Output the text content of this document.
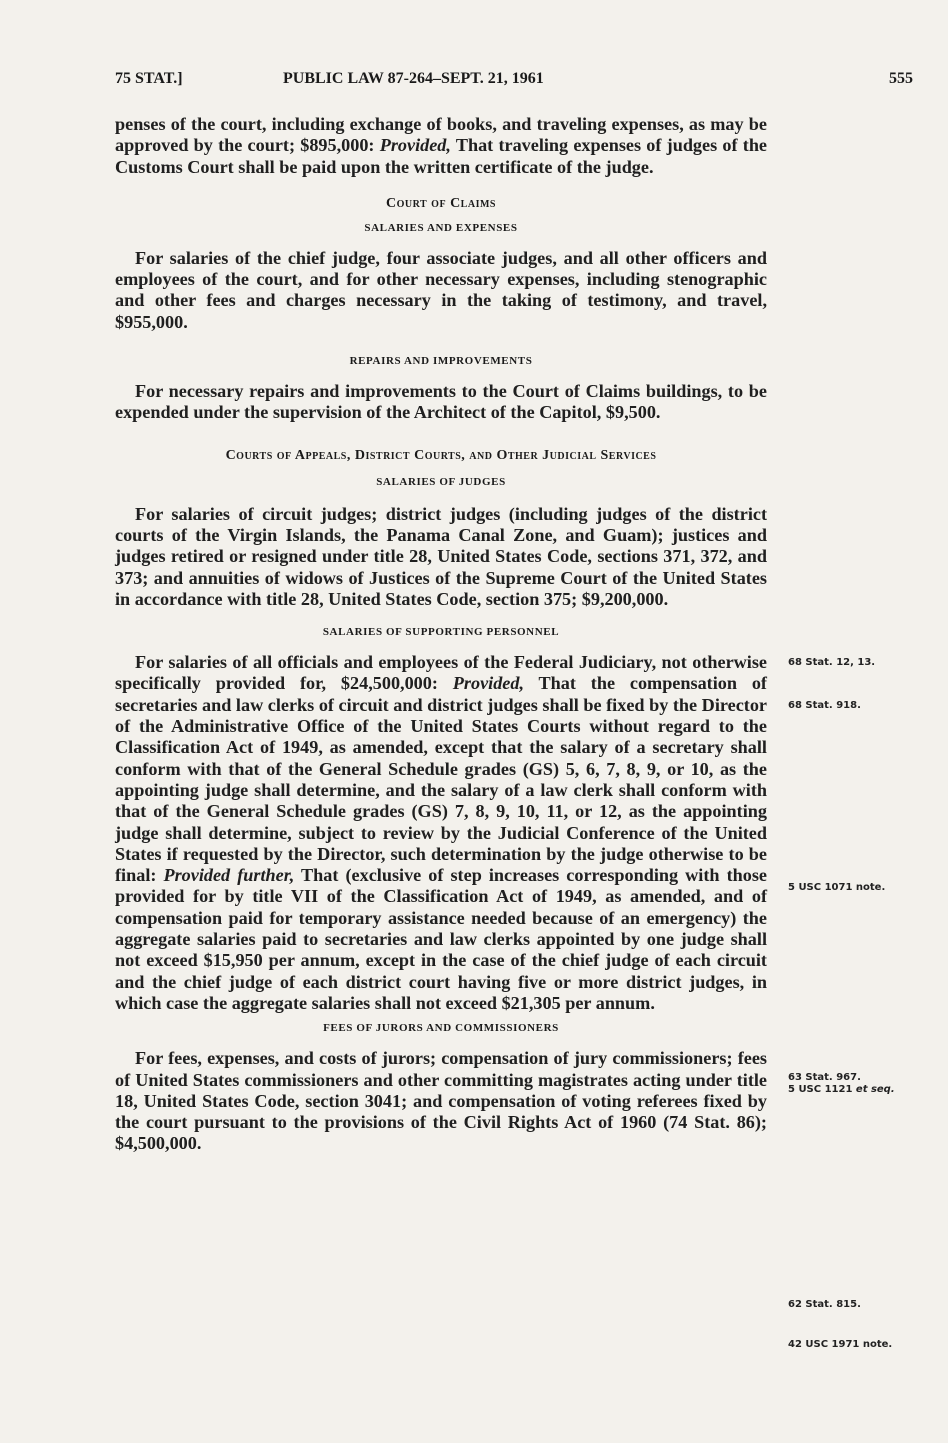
75 STAT.]	PUBLIC LAW 87-264–SEPT. 21, 1961	555

penses of the court, including exchange of books, and traveling expenses, as may be approved by the court; $895,000: Provided, That traveling expenses of judges of the Customs Court shall be paid upon the written certificate of the judge.

Court of Claims
SALARIES AND EXPENSES

For salaries of the chief judge, four associate judges, and all other officers and employees of the court, and for other necessary expenses, including stenographic and other fees and charges necessary in the taking of testimony, and travel, $955,000.

REPAIRS AND IMPROVEMENTS

For necessary repairs and improvements to the Court of Claims buildings, to be expended under the supervision of the Architect of the Capitol, $9,500.

Courts of Appeals, District Courts, and Other Judicial Services
SALARIES OF JUDGES

For salaries of circuit judges; district judges (including judges of the district courts of the Virgin Islands, the Panama Canal Zone, and Guam); justices and judges retired or resigned under title 28, United States Code, sections 371, 372, and 373; and annuities of widows of Justices of the Supreme Court of the United States in accordance with title 28, United States Code, section 375; $9,200,000.

SALARIES OF SUPPORTING PERSONNEL

For salaries of all officials and employees of the Federal Judiciary, not otherwise specifically provided for, $24,500,000: Provided, That the compensation of secretaries and law clerks of circuit and district judges shall be fixed by the Director of the Administrative Office of the United States Courts without regard to the Classification Act of 1949, as amended, except that the salary of a secretary shall conform with that of the General Schedule grades (GS) 5, 6, 7, 8, 9, or 10, as the appointing judge shall determine, and the salary of a law clerk shall conform with that of the General Schedule grades (GS) 7, 8, 9, 10, 11, or 12, as the appointing judge shall determine, subject to review by the Judicial Conference of the United States if requested by the Director, such determination by the judge otherwise to be final: Provided further, That (exclusive of step increases corresponding with those provided for by title VII of the Classification Act of 1949, as amended, and of compensation paid for temporary assistance needed because of an emergency) the aggregate salaries paid to secretaries and law clerks appointed by one judge shall not exceed $15,950 per annum, except in the case of the chief judge of each circuit and the chief judge of each district court having five or more district judges, in which case the aggregate salaries shall not exceed $21,305 per annum.

FEES OF JURORS AND COMMISSIONERS

For fees, expenses, and costs of jurors; compensation of jury commissioners; fees of United States commissioners and other committing magistrates acting under title 18, United States Code, section 3041; and compensation of voting referees fixed by the court pursuant to the provisions of the Civil Rights Act of 1960 (74 Stat. 86); $4,500,000.

68 Stat. 12, 13.
68 Stat. 918.
5 USC 1071 note.
63 Stat. 967.
5 USC 1121 et seq.
62 Stat. 815.
42 USC 1971 note.
